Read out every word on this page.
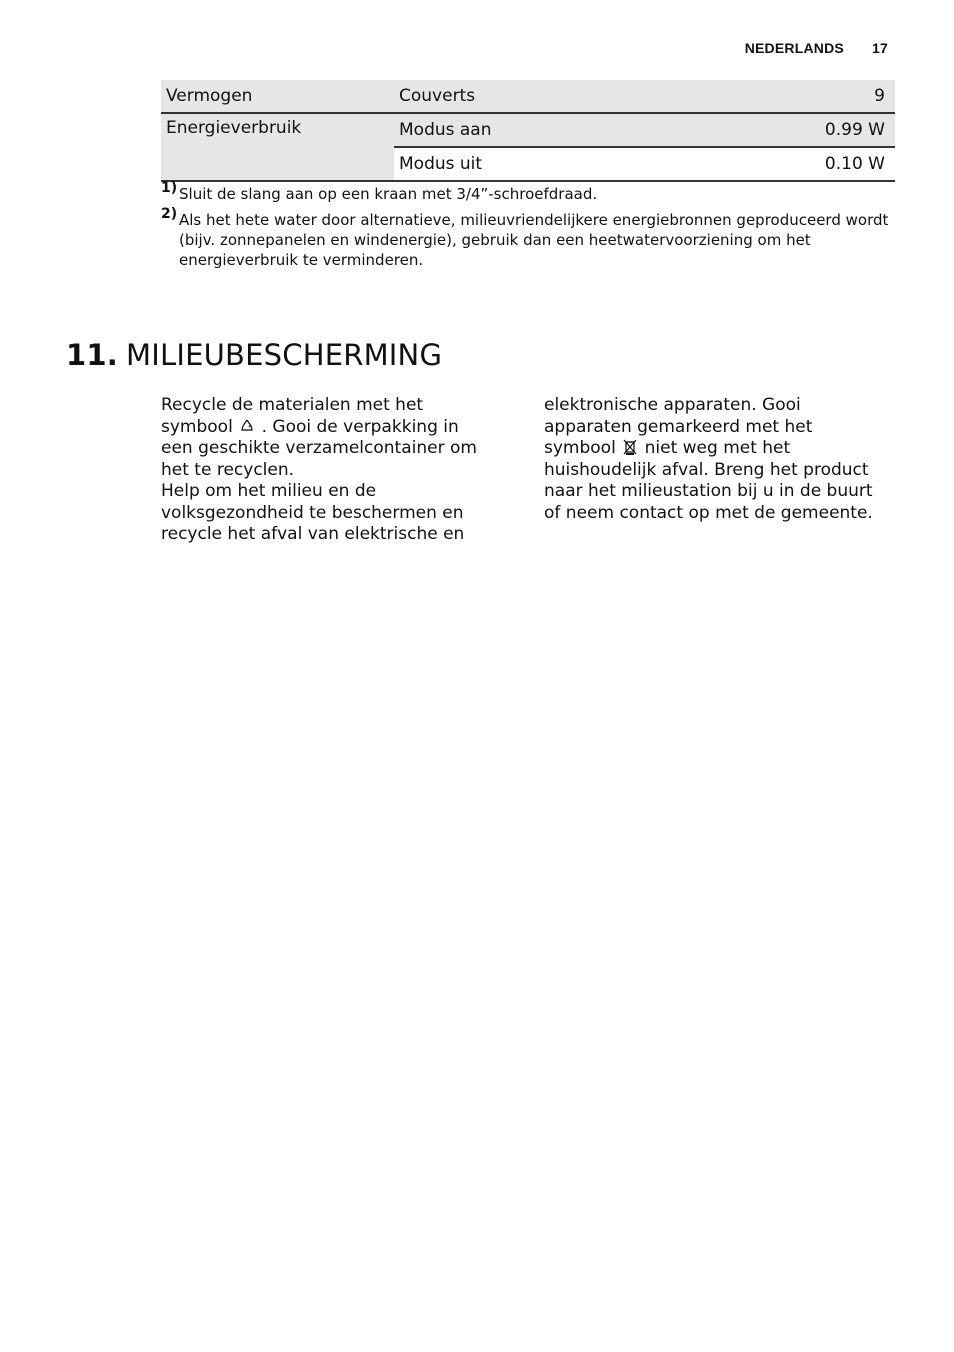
NEDERLANDS 17
Vermogen	Couverts	9
Energieverbruik	Modus aan	0.99 W
	Modus uit	0.10 W
1) Sluit de slang aan op een kraan met 3/4”-schroefdraad.
2) Als het hete water door alternatieve, milieuvriendelijkere energiebronnen geproduceerd wordt (bijv. zonnepanelen en windenergie), gebruik dan een heetwatervoorziening om het energieverbruik te verminderen.
11. MILIEUBESCHERMING

Recycle de materialen met het symbool . Gooi de verpakking in een geschikte verzamelcontainer om het te recyclen.

Help om het milieu en de volksgezondheid te beschermen en recycle het afval van elektrische en

elektronische apparaten. Gooi apparaten gemarkeerd met het symbool niet weg met het huishoudelijk afval. Breng het product naar het milieustation bij u in de buurt of neem contact op met de gemeente.
